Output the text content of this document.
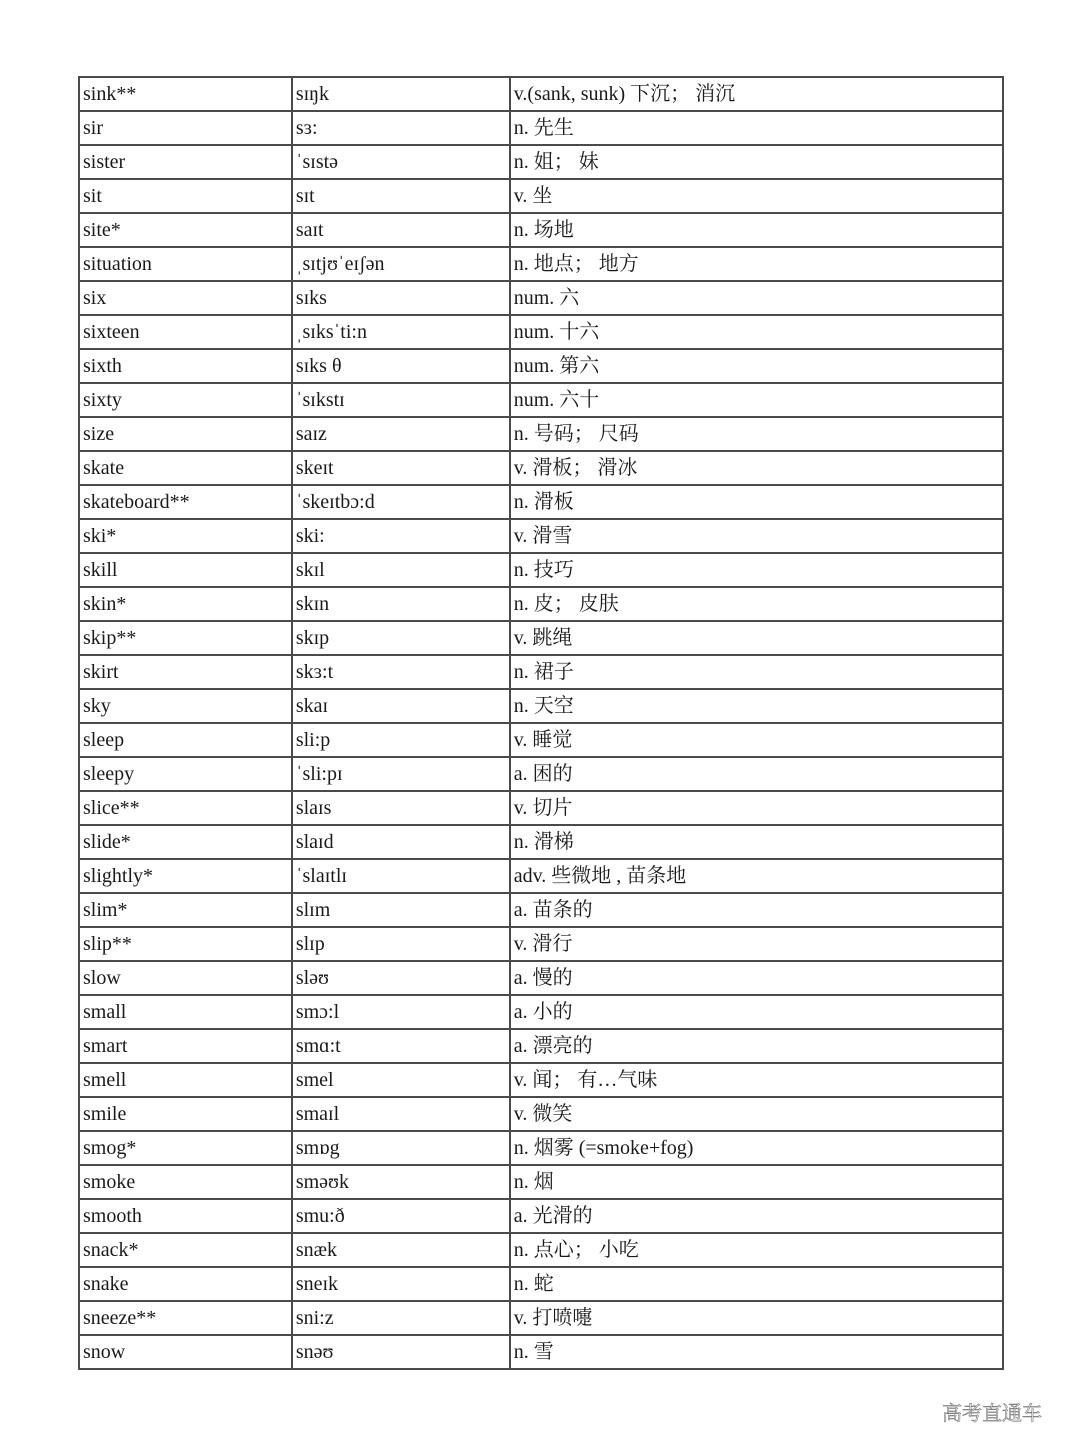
sink**	sɪŋk	v.(sank, sunk) 下沉； 消沉
sir	sɜ:	n. 先生
sister	ˈsɪstə	n. 姐； 妹
sit	sɪt	v. 坐
site*	saɪt	n. 场地
situation	ˌsɪtjʊˈeɪʃən	n. 地点； 地方
six	sɪks	num. 六
sixteen	ˌsɪksˈti:n	num. 十六
sixth	sɪks θ	num. 第六
sixty	ˈsɪkstɪ	num. 六十
size	saɪz	n. 号码； 尺码
skate	skeɪt	v. 滑板； 滑冰
skateboard**	ˈskeɪtbɔ:d	n. 滑板
ski*	ski:	v. 滑雪
skill	skɪl	n. 技巧
skin*	skɪn	n. 皮； 皮肤
skip**	skɪp	v. 跳绳
skirt	skɜ:t	n. 裙子
sky	skaɪ	n. 天空
sleep	sli:p	v. 睡觉
sleepy	ˈsli:pɪ	a. 困的
slice**	slaɪs	v. 切片
slide*	slaɪd	n. 滑梯
slightly*	ˈslaɪtlɪ	adv. 些微地 , 苗条地
slim*	slɪm	a. 苗条的
slip**	slɪp	v. 滑行
slow	sləʊ	a. 慢的
small	smɔ:l	a. 小的
smart	smɑ:t	a. 漂亮的
smell	smel	v. 闻； 有…气味
smile	smaɪl	v. 微笑
smog*	smɒg	n. 烟雾 (=smoke+fog)
smoke	sməʊk	n. 烟
smooth	smu:ð	a. 光滑的
snack*	snæk	n. 点心； 小吃
snake	sneɪk	n. 蛇
sneeze**	sni:z	v. 打喷嚏
snow	snəʊ	n. 雪
高考直通车
